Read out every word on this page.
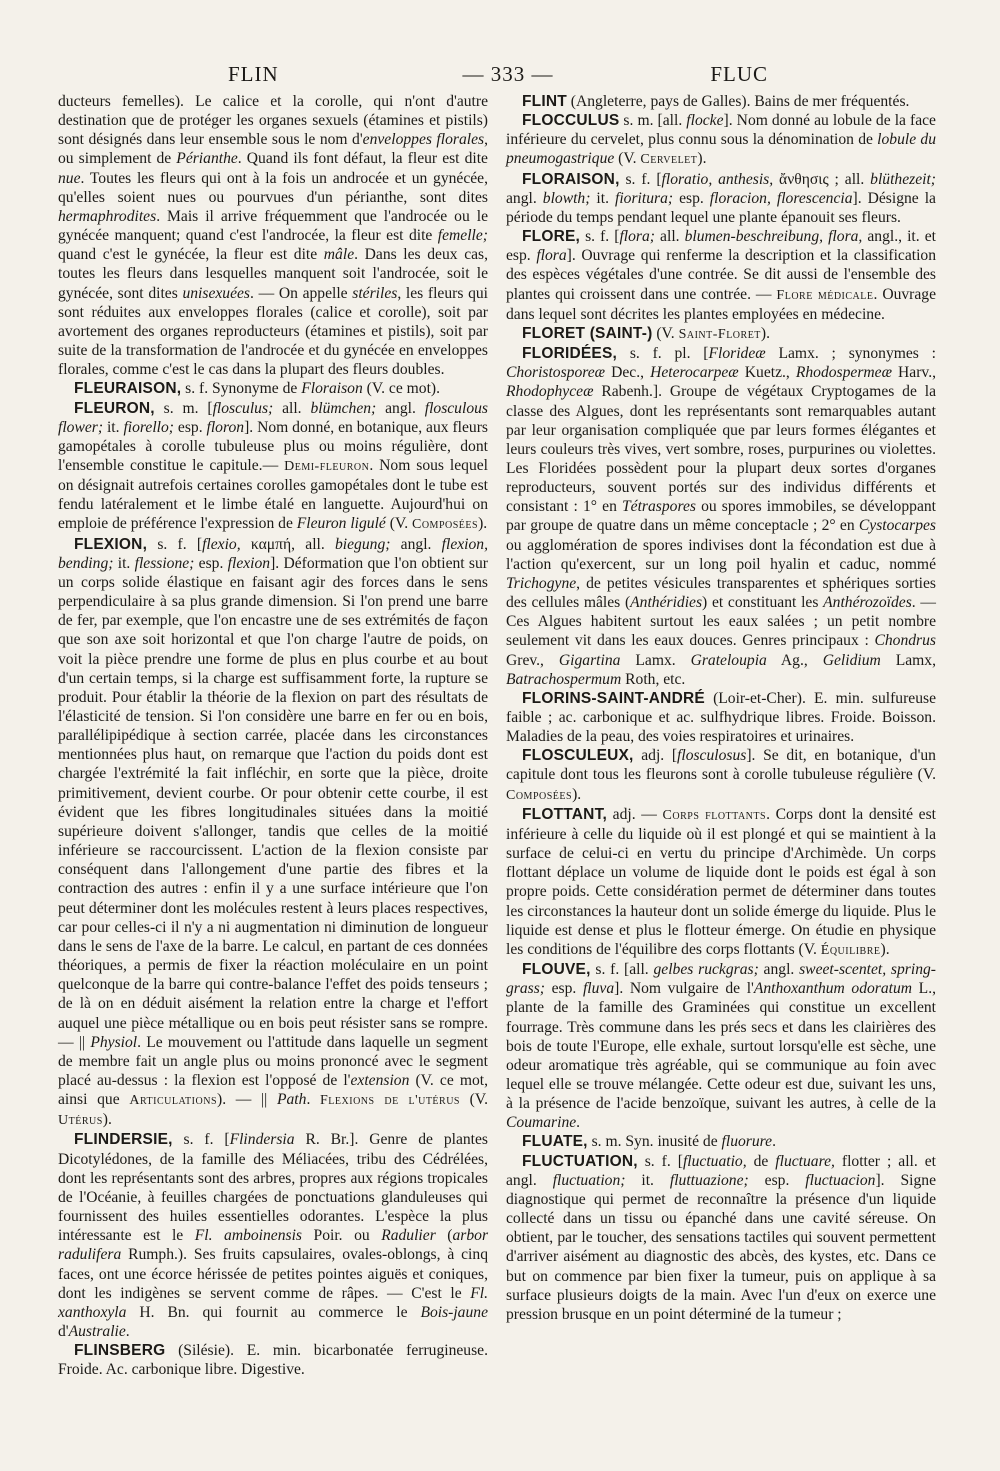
FLIN	— 333 —	FLUC

ducteurs femelles). Le calice et la corolle, qui n'ont d'autre destination que de protéger les organes sexuels (étamines et pistils) sont désignés dans leur ensemble sous le nom d'enveloppes florales, ou simplement de Périanthe. Quand ils font défaut, la fleur est dite nue. Toutes les fleurs qui ont à la fois un androcée et un gynécée, qu'elles soient nues ou pourvues d'un périanthe, sont dites hermaphrodites. Mais il arrive fréquemment que l'androcée ou le gynécée manquent; quand c'est l'androcée, la fleur est dite femelle; quand c'est le gynécée, la fleur est dite mâle. Dans les deux cas, toutes les fleurs dans lesquelles manquent soit l'androcée, soit le gynécée, sont dites unisexuées. — On appelle stériles, les fleurs qui sont réduites aux enveloppes florales (calice et corolle), soit par avortement des organes reproducteurs (étamines et pistils), soit par suite de la transformation de l'androcée et du gynécée en enveloppes florales, comme c'est le cas dans la plupart des fleurs doubles.

FLEURAISON, s. f. Synonyme de Floraison (V. ce mot).

FLEURON, s. m. [flosculus; all. blümchen; angl. flosculous flower; it. fiorello; esp. floron]. Nom donné, en botanique, aux fleurs gamopétales à corolle tubuleuse plus ou moins régulière, dont l'ensemble constitue le capitule.— Demi-fleuron. Nom sous lequel on désignait autrefois certaines corolles gamopétales dont le tube est fendu latéralement et le limbe étalé en languette. Aujourd'hui on emploie de préférence l'expression de Fleuron ligulé (V. Composées).

FLEXION, s. f. [flexio, καμπή, all. biegung; angl. flexion, bending; it. flessione; esp. flexion]. Déformation que l'on obtient sur un corps solide élastique en faisant agir des forces dans le sens perpendiculaire à sa plus grande dimension. Si l'on prend une barre de fer, par exemple, que l'on encastre une de ses extrémités de façon que son axe soit horizontal et que l'on charge l'autre de poids, on voit la pièce prendre une forme de plus en plus courbe et au bout d'un certain temps, si la charge est suffisamment forte, la rupture se produit. Pour établir la théorie de la flexion on part des résultats de l'élasticité de tension. Si l'on considère une barre en fer ou en bois, parallélipipédique à section carrée, placée dans les circonstances mentionnées plus haut, on remarque que l'action du poids dont est chargée l'extrémité la fait infléchir, en sorte que la pièce, droite primitivement, devient courbe. Or pour obtenir cette courbe, il est évident que les fibres longitudinales situées dans la moitié supérieure doivent s'allonger, tandis que celles de la moitié inférieure se raccourcissent. L'action de la flexion consiste par conséquent dans l'allongement d'une partie des fibres et la contraction des autres : enfin il y a une surface intérieure que l'on peut déterminer dont les molécules restent à leurs places respectives, car pour celles-ci il n'y a ni augmentation ni diminution de longueur dans le sens de l'axe de la barre. Le calcul, en partant de ces données théoriques, a permis de fixer la réaction moléculaire en un point quelconque de la barre qui contre-balance l'effet des poids tenseurs ; de là on en déduit aisément la relation entre la charge et l'effort auquel une pièce métallique ou en bois peut résister sans se rompre. — || Physiol. Le mouvement ou l'attitude dans laquelle un segment de membre fait un angle plus ou moins prononcé avec le segment placé au-dessus : la flexion est l'opposé de l'extension (V. ce mot, ainsi que Articulations). — || Path. Flexions de l'utérus (V. Utérus).

FLINDERSIE, s. f. [Flindersia R. Br.]. Genre de plantes Dicotylédones, de la famille des Méliacées, tribu des Cédrélées, dont les représentants sont des arbres, propres aux régions tropicales de l'Océanie, à feuilles chargées de ponctuations glanduleuses qui fournissent des huiles essentielles odorantes. L'espèce la plus intéressante est le Fl. amboinensis Poir. ou Radulier (arbor radulifera Rumph.). Ses fruits capsulaires, ovales-oblongs, à cinq faces, ont une écorce hérissée de petites pointes aiguës et coniques, dont les indigènes se servent comme de râpes. — C'est le Fl. xanthoxyla H. Bn. qui fournit au commerce le Bois-jaune d'Australie.

FLINSBERG (Silésie). E. min. bicarbonatée ferrugineuse. Froide. Ac. carbonique libre. Digestive.

FLINT (Angleterre, pays de Galles). Bains de mer fréquentés.

FLOCCULUS s. m. [all. flocke]. Nom donné au lobule de la face inférieure du cervelet, plus connu sous la dénomination de lobule du pneumogastrique (V. Cervelet).

FLORAISON, s. f. [floratio, anthesis, ἄνθησις ; all. blüthezeit; angl. blowth; it. fioritura; esp. floracion, florescencia]. Désigne la période du temps pendant lequel une plante épanouit ses fleurs.

FLORE, s. f. [flora; all. blumen-beschreibung, flora, angl., it. et esp. flora]. Ouvrage qui renferme la description et la classification des espèces végétales d'une contrée. Se dit aussi de l'ensemble des plantes qui croissent dans une contrée. — Flore médicale. Ouvrage dans lequel sont décrites les plantes employées en médecine.

FLORET (SAINT-) (V. Saint-Floret).

FLORIDÉES, s. f. pl. [Florideæ Lamx. ; synonymes : Choristosporeæ Dec., Heterocarpeæ Kuetz., Rhodospermeæ Harv., Rhodophyceæ Rabenh.]. Groupe de végétaux Cryptogames de la classe des Algues, dont les représentants sont remarquables autant par leur organisation compliquée que par leurs formes élégantes et leurs couleurs très vives, vert sombre, roses, purpurines ou violettes. Les Floridées possèdent pour la plupart deux sortes d'organes reproducteurs, souvent portés sur des individus différents et consistant : 1° en Tétraspores ou spores immobiles, se développant par groupe de quatre dans un même conceptacle ; 2° en Cystocarpes ou agglomération de spores indivises dont la fécondation est due à l'action qu'exercent, sur un long poil hyalin et caduc, nommé Trichogyne, de petites vésicules transparentes et sphériques sorties des cellules mâles (Anthéridies) et constituant les Anthérozoïdes. — Ces Algues habitent surtout les eaux salées ; un petit nombre seulement vit dans les eaux douces. Genres principaux : Chondrus Grev., Gigartina Lamx. Grateloupia Ag., Gelidium Lamx, Batrachospermum Roth, etc.

FLORINS-SAINT-ANDRÉ (Loir-et-Cher). E. min. sulfureuse faible ; ac. carbonique et ac. sulfhydrique libres. Froide. Boisson. Maladies de la peau, des voies respiratoires et urinaires.

FLOSCULEUX, adj. [flosculosus]. Se dit, en botanique, d'un capitule dont tous les fleurons sont à corolle tubuleuse régulière (V. Composées).

FLOTTANT, adj. — Corps flottants. Corps dont la densité est inférieure à celle du liquide où il est plongé et qui se maintient à la surface de celui-ci en vertu du principe d'Archimède. Un corps flottant déplace un volume de liquide dont le poids est égal à son propre poids. Cette considération permet de déterminer dans toutes les circonstances la hauteur dont un solide émerge du liquide. Plus le liquide est dense et plus le flotteur émerge. On étudie en physique les conditions de l'équilibre des corps flottants (V. Équilibre).

FLOUVE, s. f. [all. gelbes ruckgras; angl. sweet-scentet, spring-grass; esp. fluva]. Nom vulgaire de l'Anthoxanthum odoratum L., plante de la famille des Graminées qui constitue un excellent fourrage. Très commune dans les prés secs et dans les clairières des bois de toute l'Europe, elle exhale, surtout lorsqu'elle est sèche, une odeur aromatique très agréable, qui se communique au foin avec lequel elle se trouve mélangée. Cette odeur est due, suivant les uns, à la présence de l'acide benzoïque, suivant les autres, à celle de la Coumarine.

FLUATE, s. m. Syn. inusité de fluorure.

FLUCTUATION, s. f. [fluctuatio, de fluctuare, flotter ; all. et angl. fluctuation; it. fluttuazione; esp. fluctuacion]. Signe diagnostique qui permet de reconnaître la présence d'un liquide collecté dans un tissu ou épanché dans une cavité séreuse. On obtient, par le toucher, des sensations tactiles qui souvent permettent d'arriver aisément au diagnostic des abcès, des kystes, etc. Dans ce but on commence par bien fixer la tumeur, puis on applique à sa surface plusieurs doigts de la main. Avec l'un d'eux on exerce une pression brusque en un point déterminé de la tumeur ;
